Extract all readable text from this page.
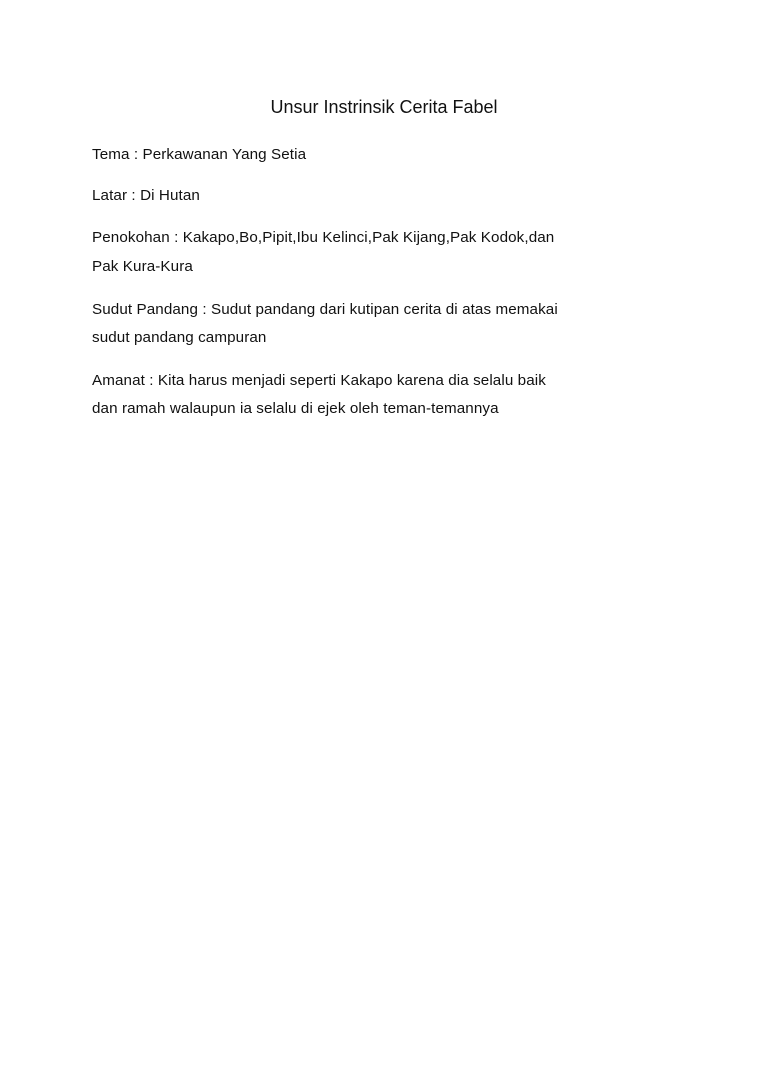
Unsur Instrinsik Cerita Fabel
Tema : Perkawanan Yang Setia
Latar : Di Hutan
Penokohan : Kakapo,Bo,Pipit,Ibu Kelinci,Pak Kijang,Pak Kodok,dan
Pak Kura-Kura
Sudut Pandang : Sudut pandang dari kutipan cerita di atas memakai
sudut pandang campuran
Amanat : Kita harus menjadi seperti Kakapo karena dia selalu baik
dan ramah walaupun ia selalu di ejek oleh teman-temannya
